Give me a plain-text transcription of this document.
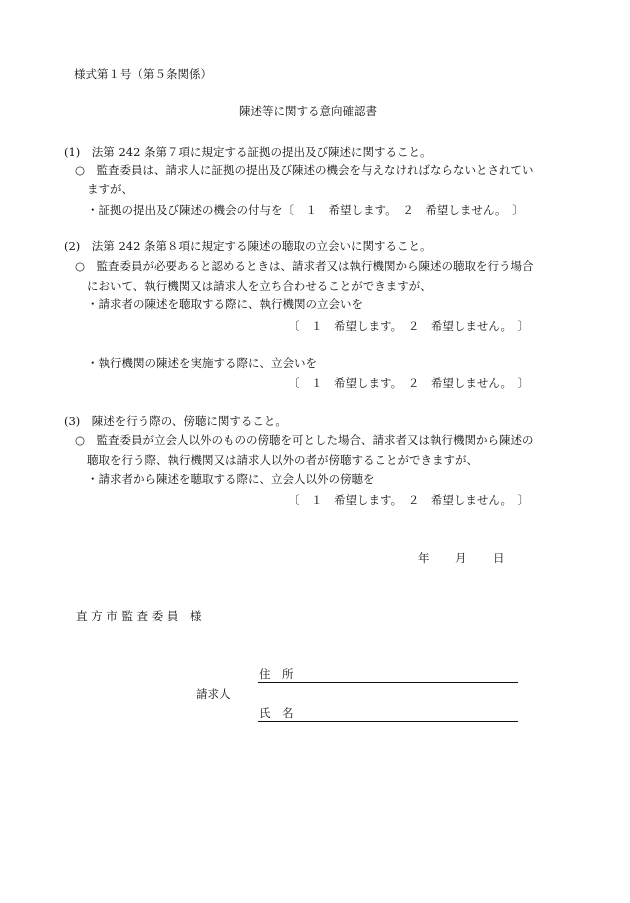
様式第１号（第５条関係）
陳述等に関する意向確認書
(1)　法第 242 条第７項に規定する証拠の提出及び陳述に関すること。
○　監査委員は、請求人に証拠の提出及び陳述の機会を与えなければならないとされてい
ますが、
・証拠の提出及び陳述の機会の付与を〔　１　希望します。　２　希望しません。　〕
(2)　法第 242 条第８項に規定する陳述の聴取の立会いに関すること。
○　監査委員が必要あると認めるときは、請求者又は執行機関から陳述の聴取を行う場合
において、執行機関又は請求人を立ち合わせることができますが、
・請求者の陳述を聴取する際に、執行機関の立会いを
〔　１　希望します。　２　希望しません。　〕
・執行機関の陳述を実施する際に、立会いを
〔　１　希望します。　２　希望しません。　〕
(3)　陳述を行う際の、傍聴に関すること。
○　監査委員が立会人以外のものの傍聴を可とした場合、請求者又は執行機関から陳述の
聴取を行う際、執行機関又は請求人以外の者が傍聴することができますが、
・請求者から陳述を聴取する際に、立会人以外の傍聴を
〔　１　希望します。　２　希望しません。　〕
年 月 日
直 方 市 監 査 委 員　様
請求人
住　所
氏　名
